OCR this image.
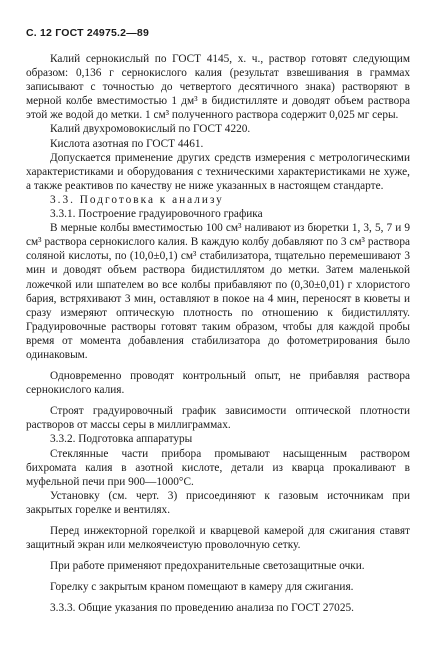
С. 12 ГОСТ 24975.2—89

Калий сернокислый по ГОСТ 4145, х. ч., раствор готовят следующим образом: 0,136 г сернокислого калия (результат взвешивания в граммах записывают с точностью до четвертого десятичного знака) растворяют в мерной колбе вместимостью 1 дм³ в бидистилляте и доводят объем раствора этой же водой до метки. 1 см³ полученного раствора содержит 0,025 мг серы.

Калий двухромовокислый по ГОСТ 4220.

Кислота азотная по ГОСТ 4461.

Допускается применение других средств измерения с метрологическими характеристиками и оборудования с техническими характеристиками не хуже, а также реактивов по качеству не ниже указанных в настоящем стандарте.

3.3. Подготовка к анализу

3.3.1. Построение градуировочного графика

В мерные колбы вместимостью 100 см³ наливают из бюретки 1, 3, 5, 7 и 9 см³ раствора сернокислого калия. В каждую колбу добавляют по 3 см³ раствора соляной кислоты, по (10,0±0,1) см³ стабилизатора, тщательно перемешивают 3 мин и доводят объем раствора бидистиллятом до метки. Затем маленькой ложечкой или шпателем во все колбы прибавляют по (0,30±0,01) г хлористого бария, встряхивают 3 мин, оставляют в покое на 4 мин, переносят в кюветы и сразу измеряют оптическую плотность по отношению к бидистилляту. Градуировочные растворы готовят таким образом, чтобы для каждой пробы время от момента добавления стабилизатора до фотометрирования было одинаковым.

Одновременно проводят контрольный опыт, не прибавляя раствора сернокислого калия.

Строят градуировочный график зависимости оптической плотности растворов от массы серы в миллиграммах.

3.3.2. Подготовка аппаратуры

Стеклянные части прибора промывают насыщенным раствором бихромата калия в азотной кислоте, детали из кварца прокаливают в муфельной печи при 900—1000°С.

Установку (см. черт. 3) присоединяют к газовым источникам при закрытых горелке и вентилях.

Перед инжекторной горелкой и кварцевой камерой для сжигания ставят защитный экран или мелкоячеистую проволочную сетку.

При работе применяют предохранительные светозащитные очки.

Горелку с закрытым краном помещают в камеру для сжигания.

3.3.3. Общие указания по проведению анализа по ГОСТ 27025.
